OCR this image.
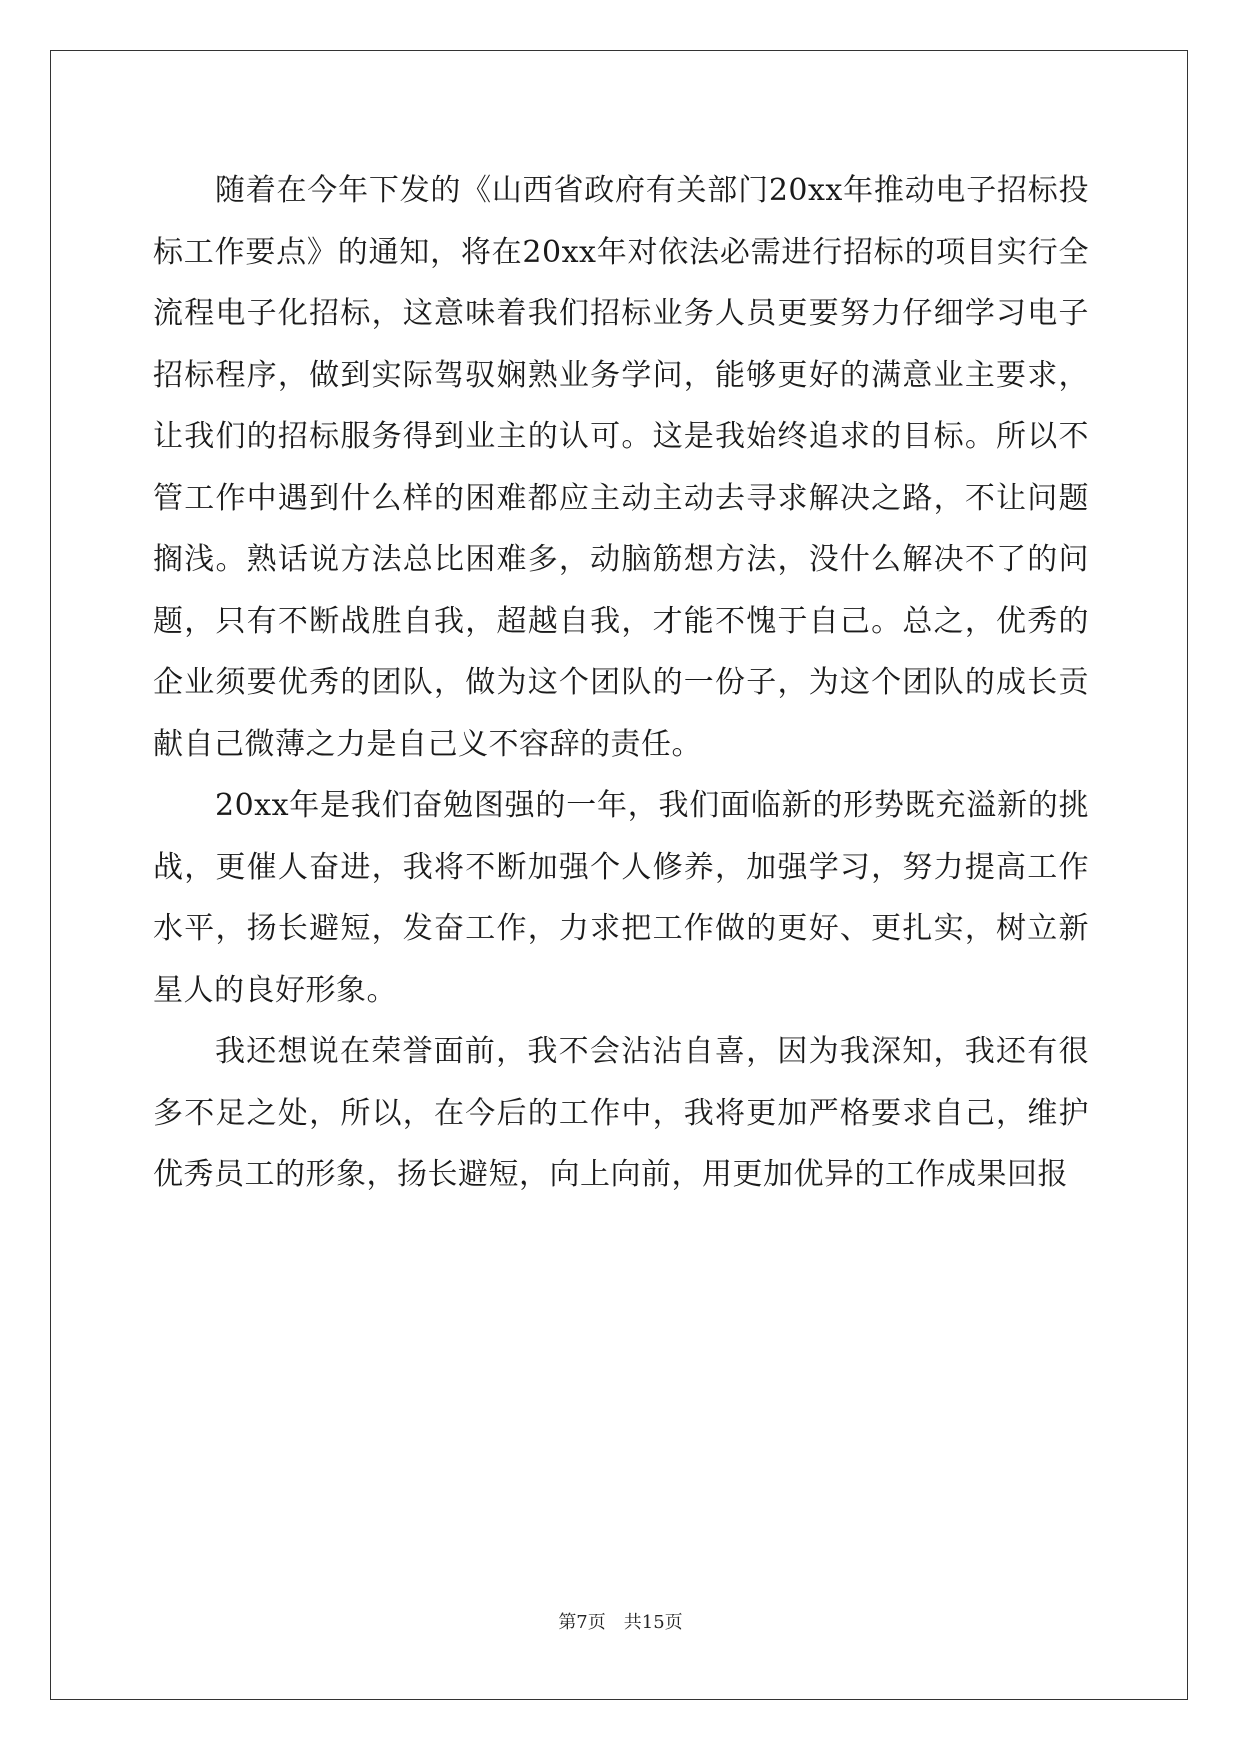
随着在今年下发的《山西省政府有关部门20xx年推动电子招标投标工作要点》的通知，将在20xx年对依法必需进行招标的项目实行全流程电子化招标，这意味着我们招标业务人员更要努力仔细学习电子招标程序，做到实际驾驭娴熟业务学问，能够更好的满意业主要求，让我们的招标服务得到业主的认可。这是我始终追求的目标。所以不管工作中遇到什么样的困难都应主动主动去寻求解决之路，不让问题搁浅。熟话说方法总比困难多，动脑筋想方法，没什么解决不了的问题，只有不断战胜自我，超越自我，才能不愧于自己。总之，优秀的企业须要优秀的团队，做为这个团队的一份子，为这个团队的成长贡献自己微薄之力是自己义不容辞的责任。

20xx年是我们奋勉图强的一年，我们面临新的形势既充溢新的挑战，更催人奋进，我将不断加强个人修养，加强学习，努力提高工作水平，扬长避短，发奋工作，力求把工作做的更好、更扎实，树立新星人的良好形象。

我还想说在荣誉面前，我不会沾沾自喜，因为我深知，我还有很多不足之处，所以，在今后的工作中，我将更加严格要求自己，维护优秀员工的形象，扬长避短，向上向前，用更加优异的工作成果回报

第7页 共15页
